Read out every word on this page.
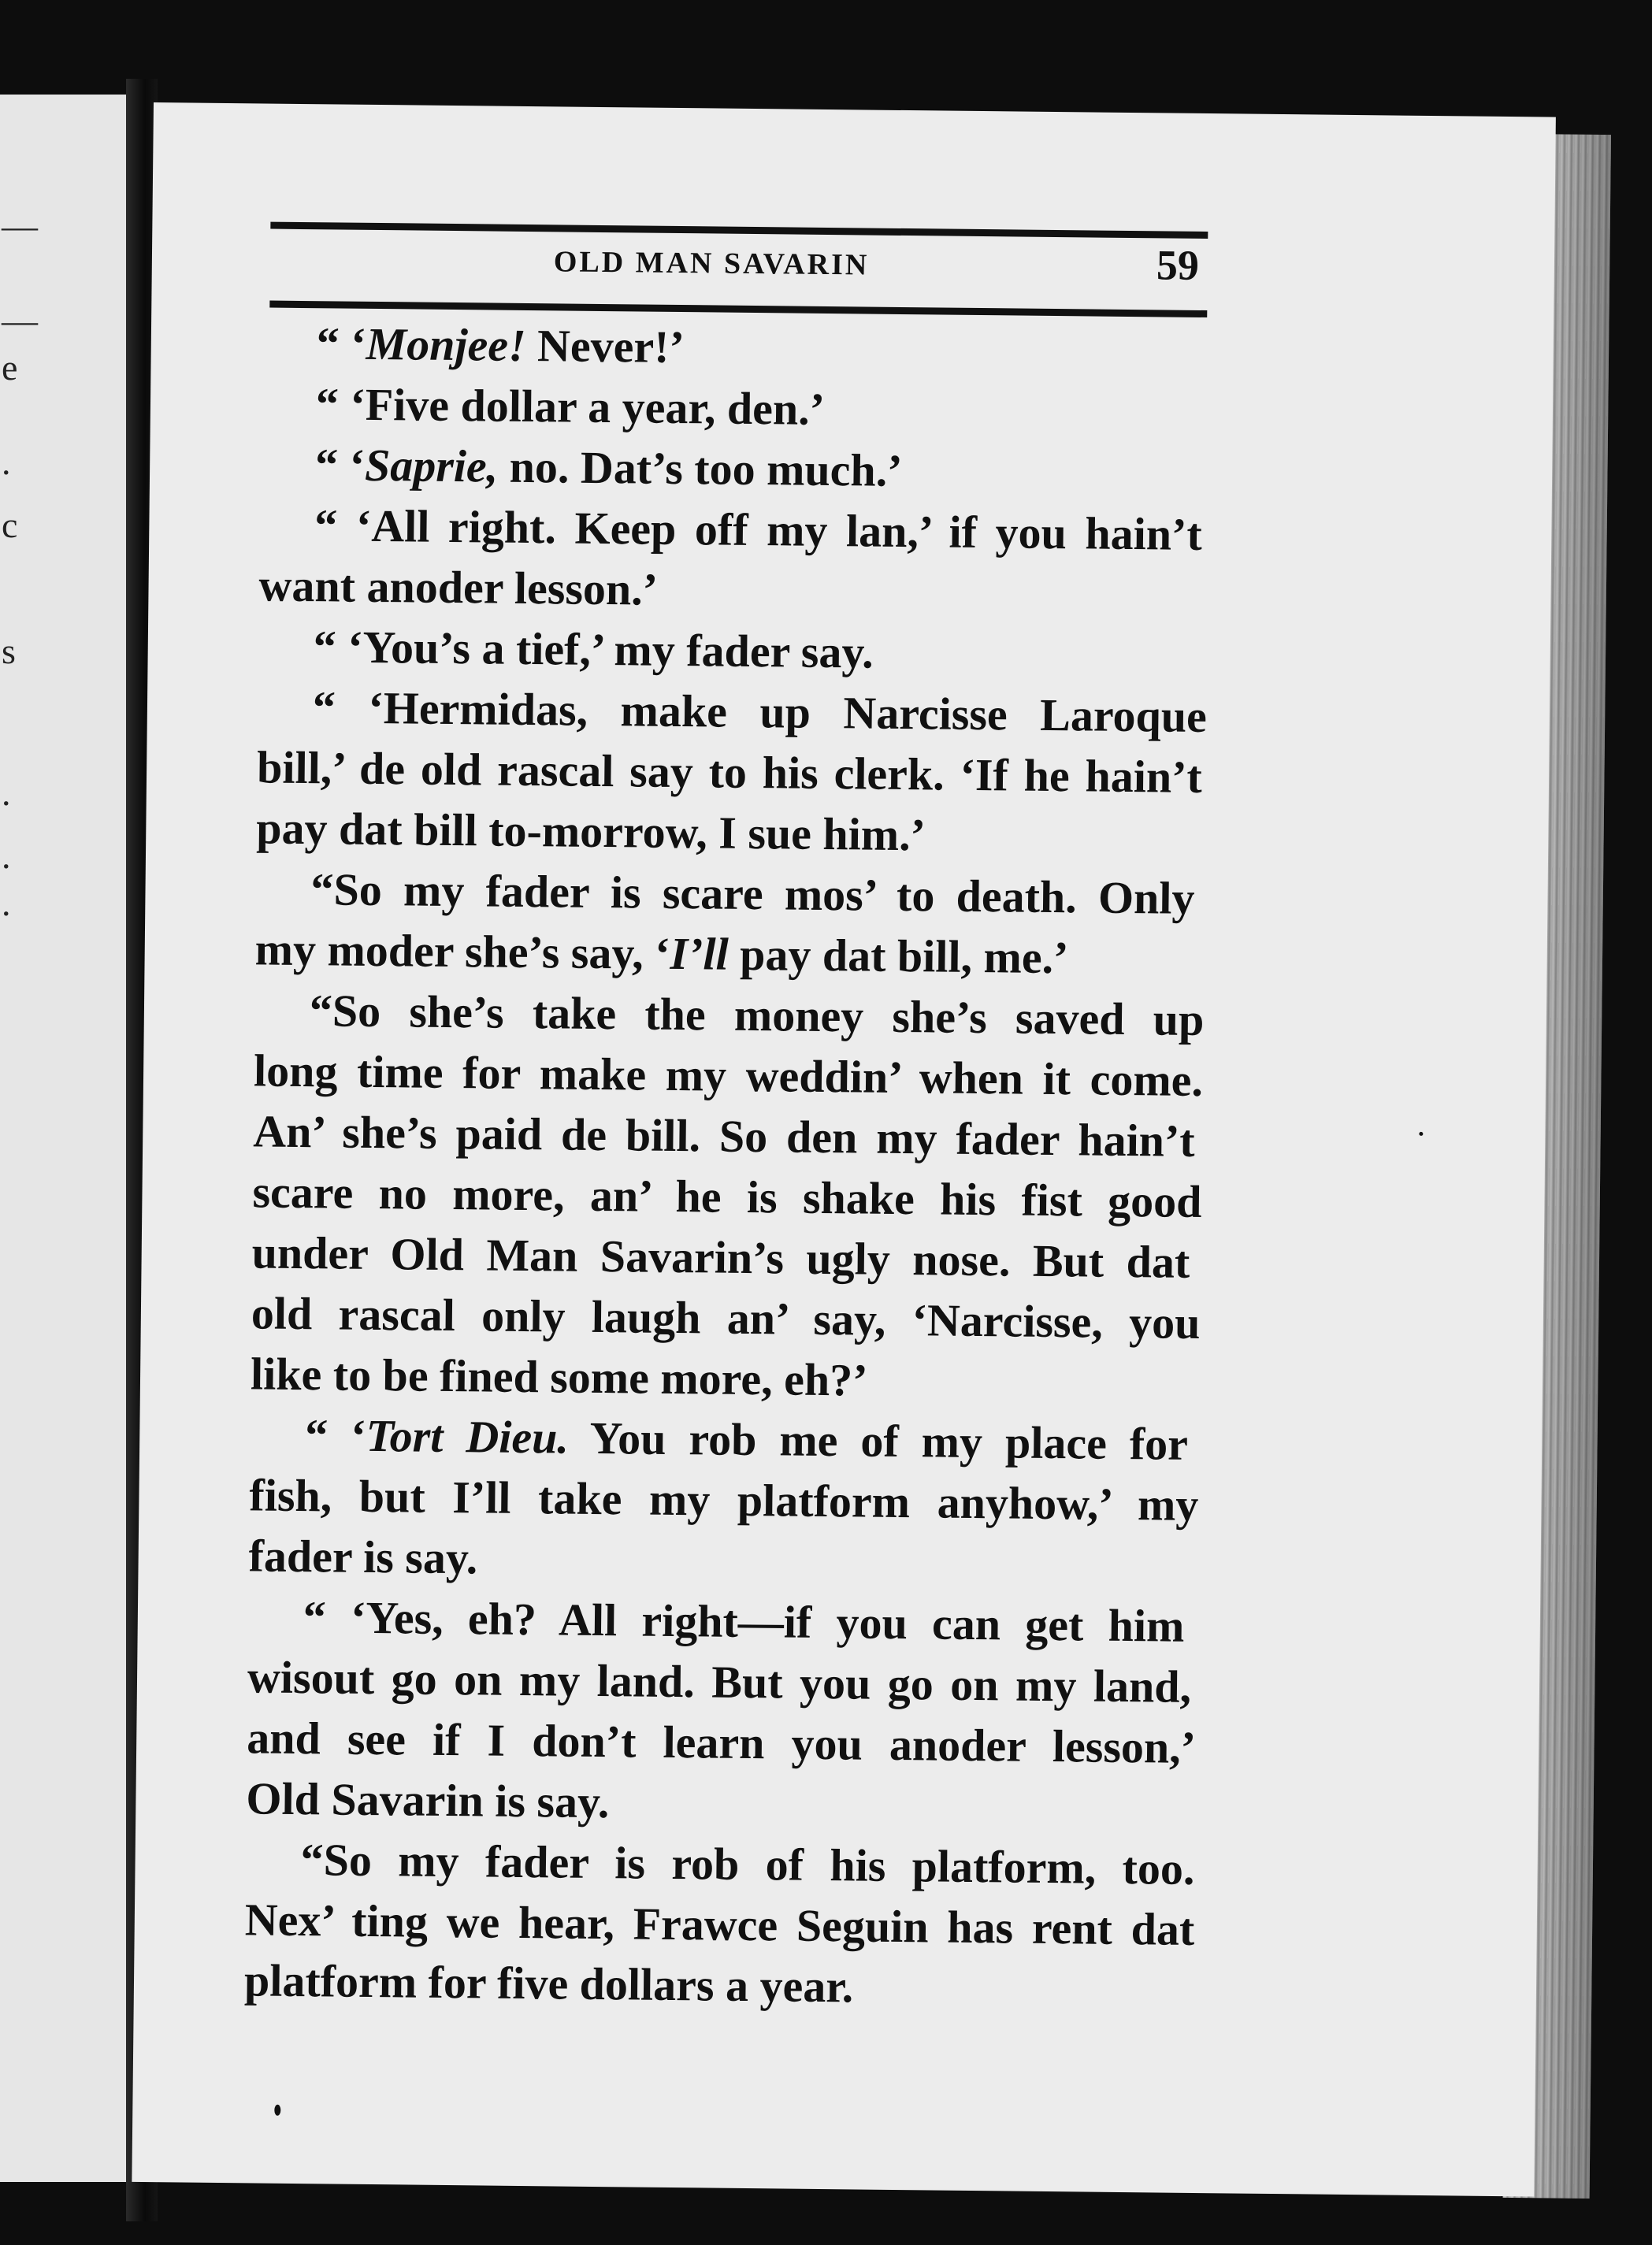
—
—
e
.
c
s
.
.
.
OLD MAN SAVARIN	59
“ ‘Monjee! Never!’
“ ‘Five dollar a year, den.’
“ ‘Saprie, no. Dat’s too much.’
“ ‘All right. Keep off my lan,’ if you hain’t
want anoder lesson.’
“ ‘You’s a tief,’ my fader say.
“ ‘Hermidas, make up Narcisse Laroque
bill,’ de old rascal say to his clerk. ‘If he hain’t
pay dat bill to-morrow, I sue him.’
“So my fader is scare mos’ to death. Only
my moder she’s say, ‘I’ll pay dat bill, me.’
“So she’s take the money she’s saved up
long time for make my weddin’ when it come.
An’ she’s paid de bill. So den my fader hain’t
scare no more, an’ he is shake his fist good
under Old Man Savarin’s ugly nose. But dat
old rascal only laugh an’ say, ‘Narcisse, you
like to be fined some more, eh?’
“ ‘Tort Dieu. You rob me of my place for
fish, but I’ll take my platform anyhow,’ my
fader is say.
“ ‘Yes, eh? All right—if you can get him
wisout go on my land. But you go on my land,
and see if I don’t learn you anoder lesson,’
Old Savarin is say.
“So my fader is rob of his platform, too.
Nex’ ting we hear, Frawce Seguin has rent dat
platform for five dollars a year.
